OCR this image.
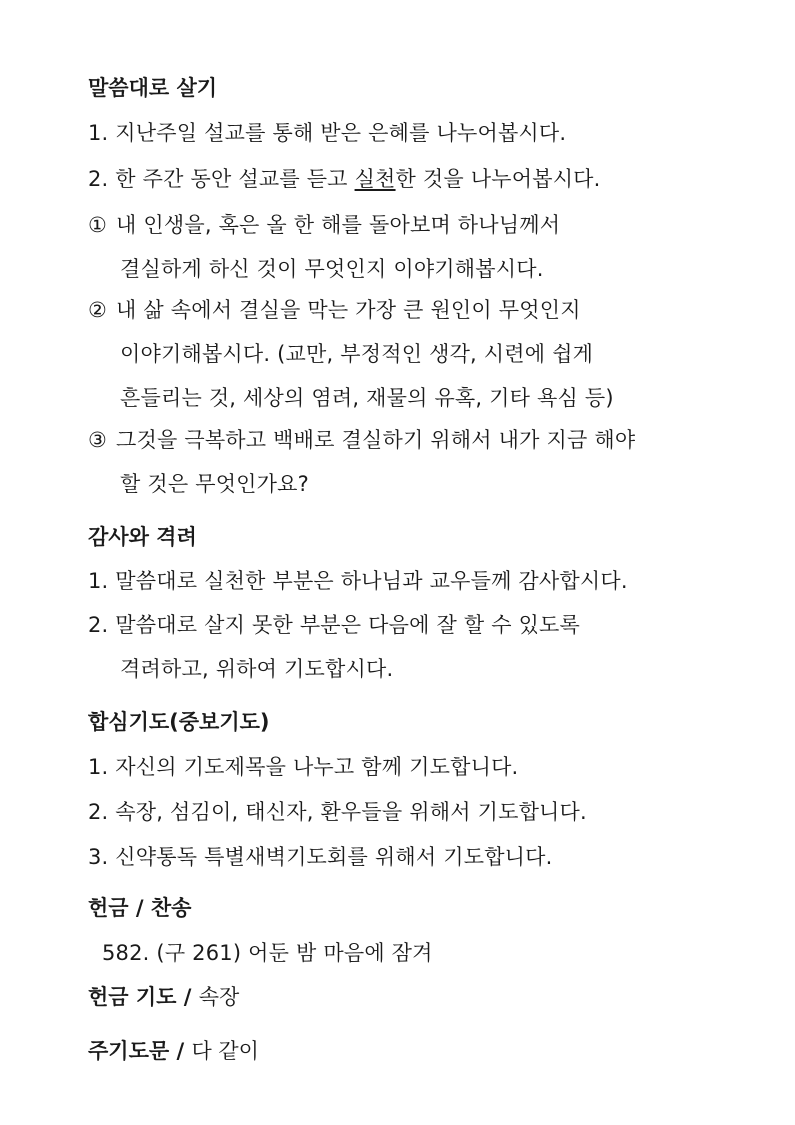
말씀대로 살기

1. 지난주일 설교를 통해 받은 은혜를 나누어봅시다.

2. 한 주간 동안 설교를 듣고 실천한 것을 나누어봅시다.

① 내 인생을, 혹은 올 한 해를 돌아보며 하나님께서

결실하게 하신 것이 무엇인지 이야기해봅시다.

② 내 삶 속에서 결실을 막는 가장 큰 원인이 무엇인지

이야기해봅시다. (교만, 부정적인 생각, 시련에 쉽게

흔들리는 것, 세상의 염려, 재물의 유혹, 기타 욕심 등)

③ 그것을 극복하고 백배로 결실하기 위해서 내가 지금 해야

할 것은 무엇인가요?

감사와 격려

1. 말씀대로 실천한 부분은 하나님과 교우들께 감사합시다.

2. 말씀대로 살지 못한 부분은 다음에 잘 할 수 있도록

격려하고, 위하여 기도합시다.

합심기도(중보기도)

1. 자신의 기도제목을 나누고 함께 기도합니다.

2. 속장, 섬김이, 태신자, 환우들을 위해서 기도합니다.

3. 신약통독 특별새벽기도회를 위해서 기도합니다.

헌금 / 찬송

582. (구 261) 어둔 밤 마음에 잠겨

헌금 기도 / 속장
주기도문 / 다 같이
